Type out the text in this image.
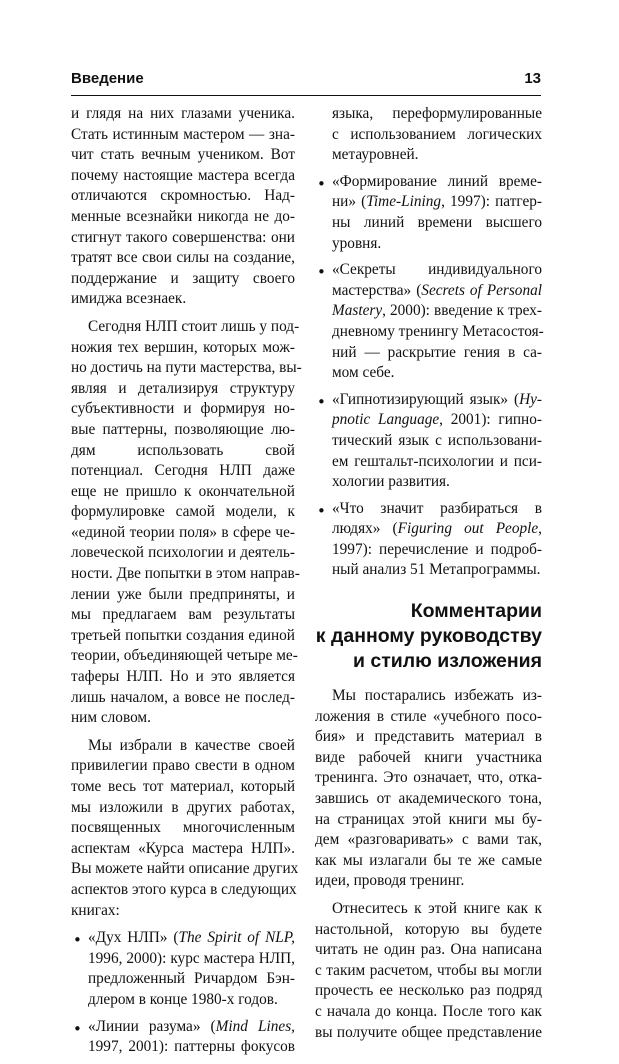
Введение	13

и глядя на них глазами ученика.
Стать истинным мастером — зна-
чит стать вечным учеником. Вот
почему настоящие мастера всегда
отличаются скромностью. Над-
менные всезнайки никогда не до-
стигнут такого совершенства: они
тратят все свои силы на создание,
поддержание и защиту своего
имиджа всезнаек.

Сегодня НЛП стоит лишь у под-
ножия тех вершин, которых мож-
но достичь на пути мастерства, вы-
являя и детализируя структуру
субъективности и формируя но-
вые паттерны, позволяющие лю-
дям использовать свой
потенциал. Сегодня НЛП даже
еще не пришло к окончательной
формулировке самой модели, к
«единой теории поля» в сфере че-
ловеческой психологии и деятель-
ности. Две попытки в этом направ-
лении уже были предприняты, и
мы предлагаем вам результаты
третьей попытки создания единой
теории, объединяющей четыре ме-
таферы НЛП. Но и это является
лишь началом, а вовсе не послед-
ним словом.

Мы избрали в качестве своей
привилегии право свести в одном
томе весь тот материал, который
мы изложили в других работах,
посвященных многочисленным
аспектам «Курса мастера НЛП».
Вы можете найти описание других
аспектов этого курса в следующих
книгах:

• «Дух НЛП» (The Spirit of NLP,
1996, 2000): курс мастера НЛП,
предложенный Ричардом Бэн-
длером в конце 1980-х годов.
• «Линии разума» (Mind Lines,
1997, 2001): паттерны фокусов
языка, переформулированные
с использованием логических
метауровней.
• «Формирование линий време-
ни» (Time-Lining, 1997): патгер-
ны линий времени высшего
уровня.
• «Секреты индивидуального
мастерства» (Secrets of Personal
Mastery, 2000): введение к трех-
дневному тренингу Метасостоя-
ний — раскрытие гения в са-
мом себе.
• «Гипнотизирующий язык» (Hy-
pnotic Language, 2001): гипно-
тический язык с использовани-
ем гештальт-психологии и пси-
хологии развития.
• «Что значит разбираться в
людях» (Figuring out People,
1997): перечисление и подроб-
ный анализ 51 Метапрограммы.
Комментарии
к данному руководству
и стилю изложения

Мы постарались избежать из-
ложения в стиле «учебного посо-
бия» и представить материал в
виде рабочей книги участника
тренинга. Это означает, что, отка-
завшись от академического тона,
на страницах этой книги мы бу-
дем «разговаривать» с вами так,
как мы излагали бы те же самые
идеи, проводя тренинг.

Отнеситесь к этой книге как к
настольной, которую вы будете
читать не один раз. Она написана
с таким расчетом, чтобы вы могли
прочесть ее несколько раз подряд
с начала до конца. После того как
вы получите общее представление
